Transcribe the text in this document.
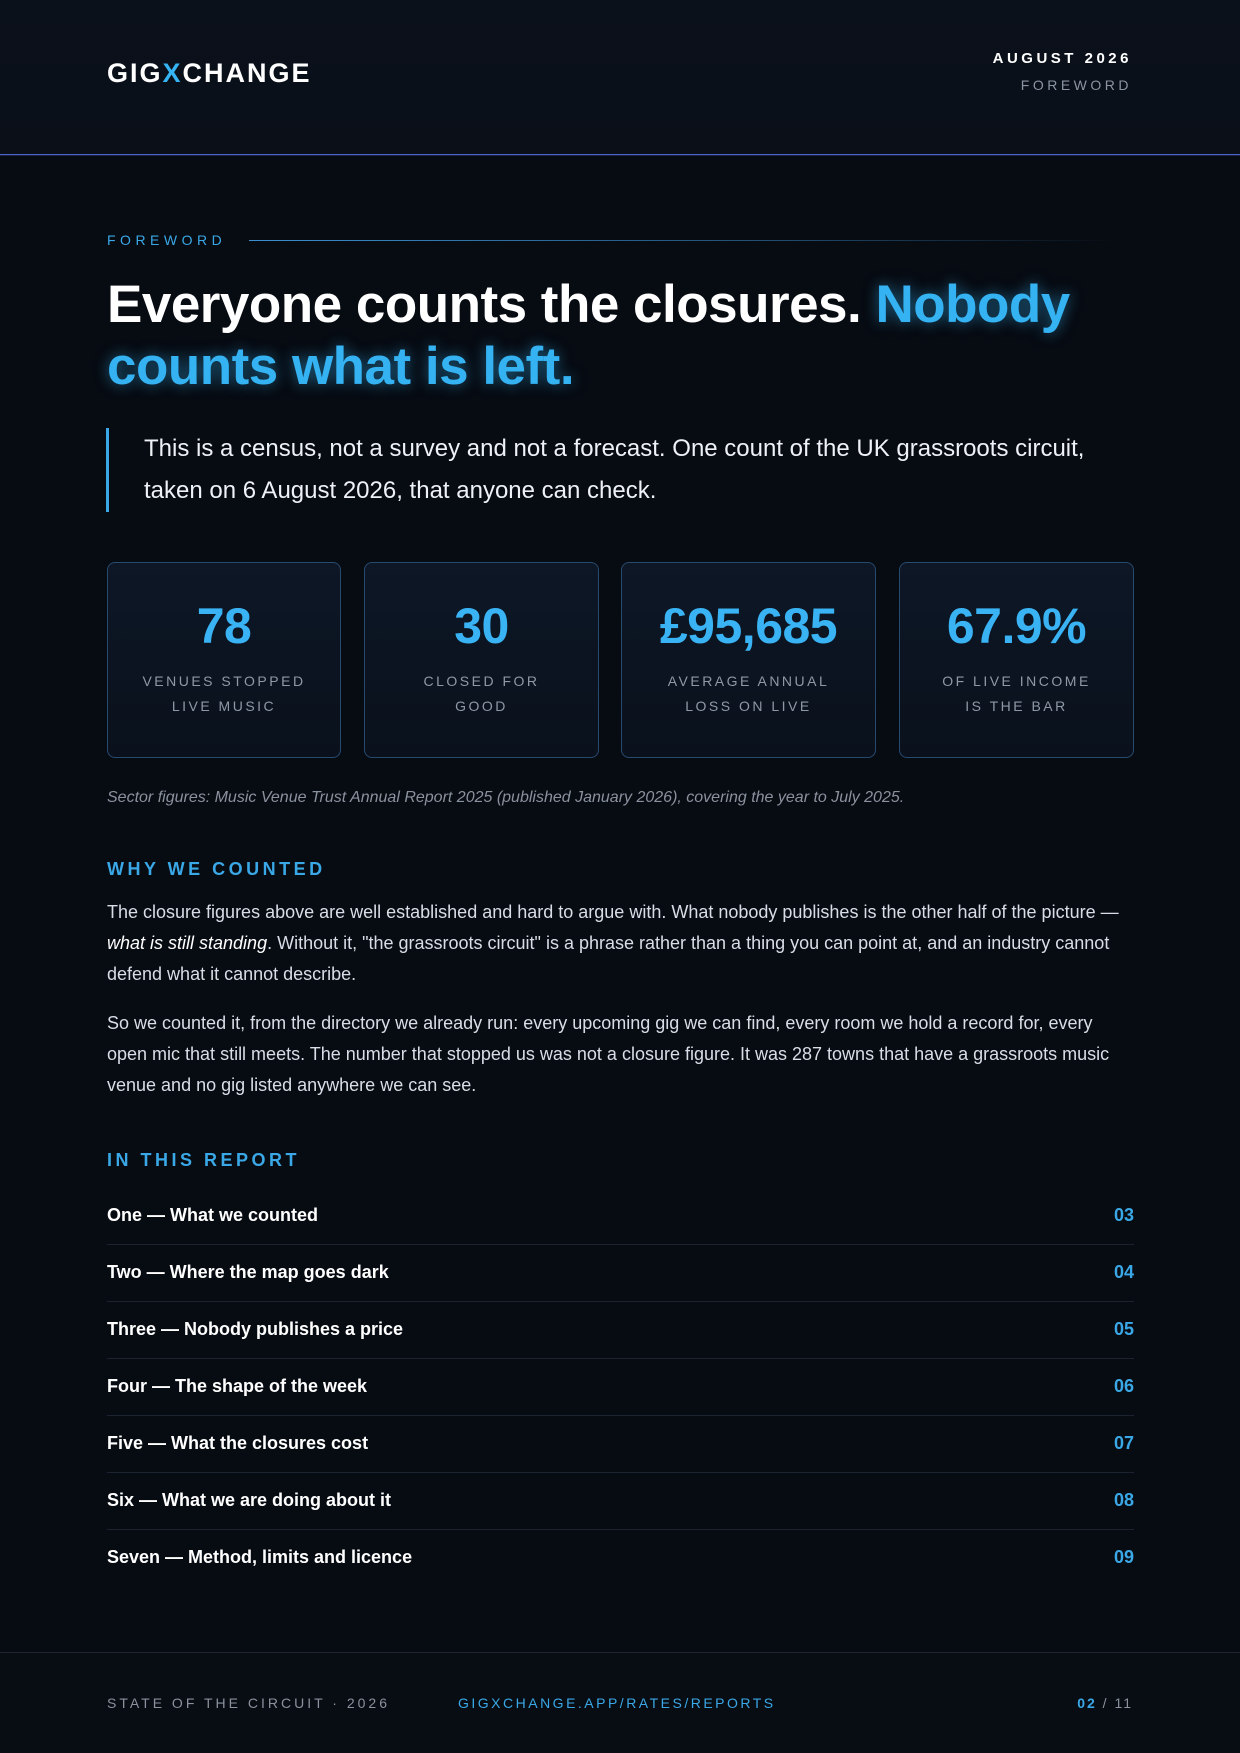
GIGXCHANGE	AUGUST 2026
FOREWORD
FOREWORD
Everyone counts the closures. Nobody counts what is left.
This is a census, not a survey and not a forecast. One count of the UK grassroots circuit, taken on 6 August 2026, that anyone can check.
78
VENUES STOPPED LIVE MUSIC
30
CLOSED FOR GOOD
£95,685
AVERAGE ANNUAL LOSS ON LIVE
67.9%
OF LIVE INCOME IS THE BAR
Sector figures: Music Venue Trust Annual Report 2025 (published January 2026), covering the year to July 2025.
WHY WE COUNTED

The closure figures above are well established and hard to argue with. What nobody publishes is the other half of the picture — what is still standing. Without it, "the grassroots circuit" is a phrase rather than a thing you can point at, and an industry cannot defend what it cannot describe.

So we counted it, from the directory we already run: every upcoming gig we can find, every room we hold a record for, every open mic that still meets. The number that stopped us was not a closure figure. It was 287 towns that have a grassroots music venue and no gig listed anywhere we can see.

IN THIS REPORT
One — What we counted	03
Two — Where the map goes dark	04
Three — Nobody publishes a price	05
Four — The shape of the week	06
Five — What the closures cost	07
Six — What we are doing about it	08
Seven — Method, limits and licence	09
STATE OF THE CIRCUIT · 2026	GIGXCHANGE.APP/RATES/REPORTS	02 / 11
